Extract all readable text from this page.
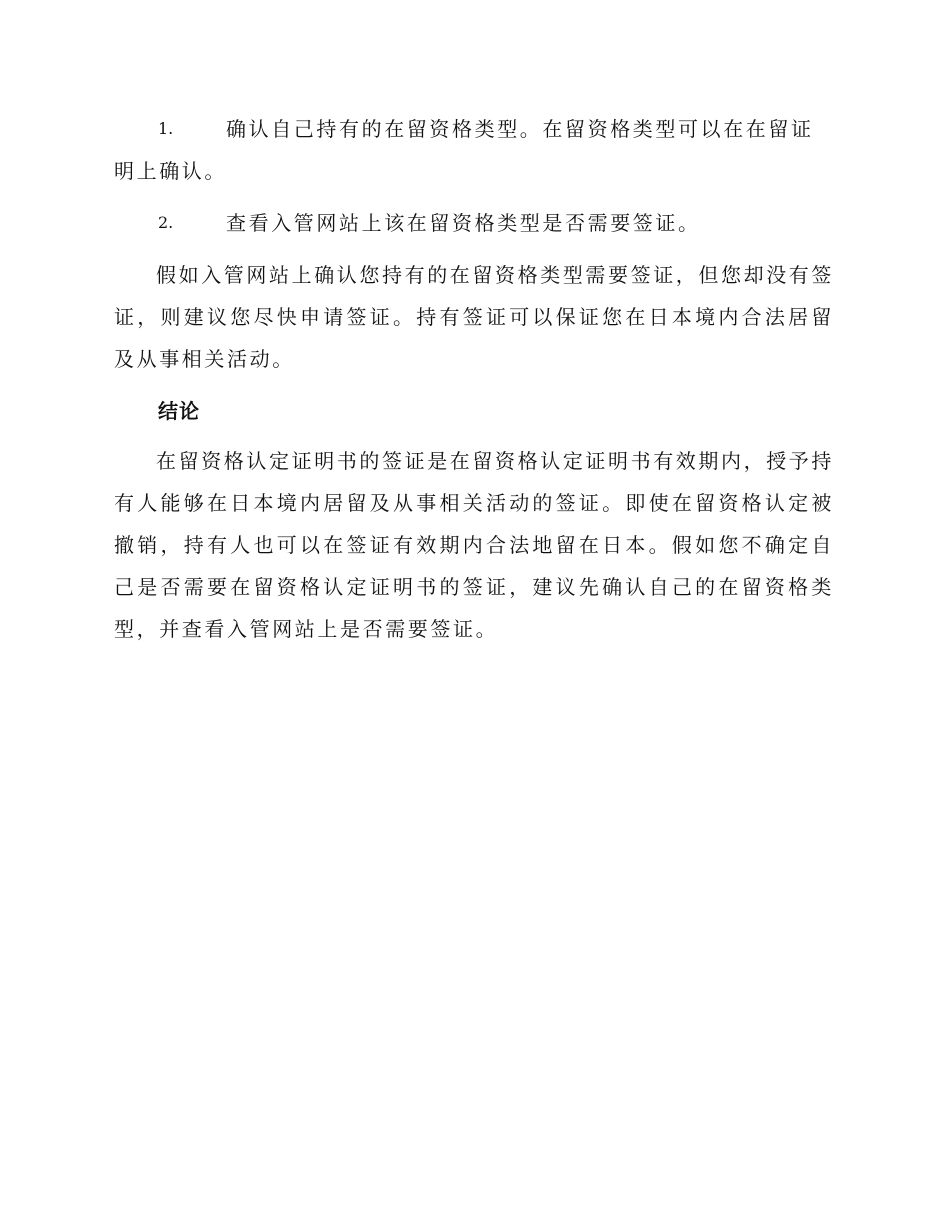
1.	确认自己持有的在留资格类型。在留资格类型可以在在留证明上确认。
2.	查看入管网站上该在留资格类型是否需要签证。

假如入管网站上确认您持有的在留资格类型需要签证，但您却没有签证，则建议您尽快申请签证。持有签证可以保证您在日本境内合法居留及从事相关活动。

结论

在留资格认定证明书的签证是在留资格认定证明书有效期内，授予持有人能够在日本境内居留及从事相关活动的签证。即使在留资格认定被撤销，持有人也可以在签证有效期内合法地留在日本。假如您不确定自己是否需要在留资格认定证明书的签证，建议先确认自己的在留资格类型，并查看入管网站上是否需要签证。
